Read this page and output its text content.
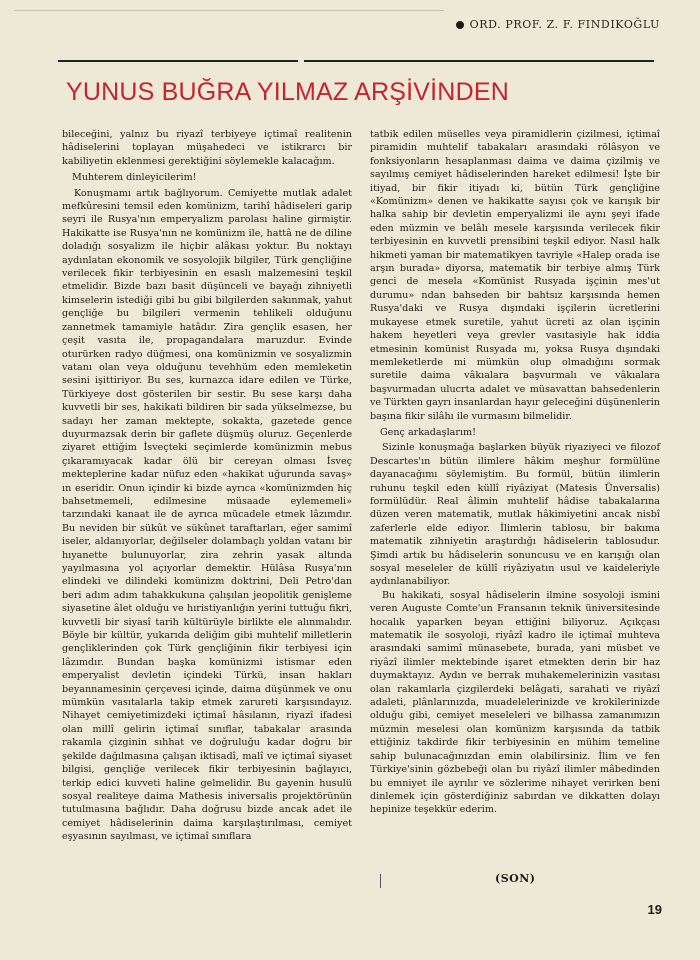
ORD. PROF. Z. F. FINDIKOĞLU
YUNUS BUĞRA YILMAZ ARŞİVİNDEN

bileceğini, yalnız bu riyazî terbiyeye içtimaî realitenin hâdiselerini toplayan müşahedeci ve istikrarcı bir kabiliyetin eklenmesi gerektiğini söylemekle kalacağım.

Muhterem dinleyicilerim!

Konuşmamı artık bağlıyorum. Cemiyette mutlak adalet mefkûresini temsil eden komünizm, tarihî hâdiseleri garip seyri ile Rusya'nın emperyalizm parolası haline girmiştir. Hakikatte ise Rusya'nın ne komünizm ile, hattâ ne de diline doladığı sosyalizm ile hiçbir alâkası yoktur. Bu noktayı aydınlatan ekonomik ve sosyolojik bilgiler, Türk gençliğine verilecek fikir terbiyesinin en esaslı malzemesini teşkil etmelidir. Bizde bazı basit düşünceli ve bayağı zihniyetli kimselerin istediği gibi bu gibi bilgilerden sakınmak, yahut gençliğe bu bilgileri vermenin tehlikeli olduğunu zannetmek tamamiyle hatâdır. Zira gençlik esasen, her çeşit vasıta ile, propagandalara maruzdur. Evinde oturürken radyo düğmesi, ona komünizmin ve sosyalizmin vatanı olan veya olduğunu tevehhüm eden memleketin sesini işittiriyor. Bu ses, kurnazca idare edilen ve Türke, Türkiyeye dost gösterilen bir sestir. Bu sese karşı daha kuvvetli bir ses, hakikati bildiren bir sada yükselmezse, bu sadayı her zaman mektepte, sokakta, gazetede gence duyurmazsak derin bir gaflete düşmüş oluruz. Geçenlerde ziyaret ettiğim İsveçteki seçimlerde komünizmin mebus çıkaramıyacak kadar ölü bir cereyan olması İsveç mekteplerine kadar nüfuz eden «hakikat uğurunda savaş» ın eseridir. Onun içindir ki bizde ayrıca «komünizmden hiç bahsetmemeli, edilmesine müsaade eylememeli» tarzındaki kanaat ile de ayrıca mücadele etmek lâzımdır. Bu neviden bir sükût ve sükûnet taraftarları, eğer samimî iseler, aldanıyorlar, değilseler dolambaçlı yoldan vatanı bir hıyanette bulunuyorlar, zira zehrin yasak altında yayılmasına yol açıyorlar demektir. Hülâsa Rusya'nın elindeki ve dilindeki komünizm doktrini, Deli Petro'dan beri adım adım tahakkukuna çalışılan jeopolitik genişleme siyasetine âlet olduğu ve hıristiyanlığın yerini tuttuğu fikri, kuvvetli bir siyasî tarih kültürüyle birlikte ele alınmalıdır. Böyle bir kültür, yukarıda deliğim gibi muhtelif milletlerin gençliklerinden çok Türk gençliğinin fikir terbiyesi için lâzımdır. Bundan başka komünizmi istismar eden emperyalist devletin içindeki Türkü, insan hakları beyannamesinin çerçevesi içinde, daima düşünmek ve onu mümkün vasıtalarla takip etmek zarureti karşısındayız. Nihayet cemiyetimizdeki içtimaî hâsılanın, riyazî ifadesi olan millî gelirin içtimaî sınıflar, tabakalar arasında rakamla çizginin sıhhat ve doğruluğu kadar doğru bir şekilde dağılmasına çalışan iktisadî, malî ve içtimaî siyaset bilgisi, gençliğe verilecek fikir terbiyesinin bağlayıcı, terkip edici kuvveti haline gelmelidir. Bu gayenin husulü sosyal realiteye daima Mathesis iniversalis projektörünün tutulmasına bağlıdır. Daha doğrusu bizde ancak adet ile cemiyet hâdiselerinin daima karşılaştırılması, cemiyet eşyasının sayılması, ve içtimaî sınıflara

tatbik edilen müselles veya piramidlerin çizilmesi, içtimaî piramidin muhtelif tabakaları arasındaki rölâsyon ve fonksiyonların hesaplanması daima ve daima çizilmiş ve sayılmış cemiyet hâdiselerinden hareket edilmesi! İşte bir itiyad, bir fikir itiyadı ki, bütün Türk gençliğine «Komünizm» denen ve hakikatte sayısı çok ve karışık bir halka sahip bir devletin emperyalizmi ile aynı şeyi ifade eden müzmin ve belâlı mesele karşısında verilecek fikir terbiyesinin en kuvvetli prensibini teşkil ediyor. Nasıl halk hikmeti yaman bir matematikyen tavriyle «Halep orada ise arşın burada» diyorsa, matematik bir terbiye almış Türk genci de mesela «Komünist Rusyada işçinin mes'ut durumu» ndan bahseden bir bahtsız karşısında hemen Rusya'daki ve Rusya dışındaki işçilerin ücretlerini mukayese etmek suretile, yahut ücreti az olan işçinin hakem heyetleri veya grevler vasıtasiyle hak iddia etmesinin komünist Rusyada mı, yoksa Rusya dışındaki memleketlerde mi mümkün olup olmadığını sormak suretile daima vâkıalara başvurmalı ve vâkıalara başvurmadan ulucrta adalet ve müsavattan bahsedenlerin ve Türkten gayrı insanlardan hayır geleceğini düşünenlerin başına fikir silâhı ile vurmasını bilmelidir.

Genç arkadaşlarım!

Sizinle konuşmağa başlarken büyük riyaziyeci ve filozof Descartes'ın bütün ilimlere hâkim meşhur formülüne dayanacağımı söylemiştim. Bu formül, bütün ilimlerin ruhunu teşkil eden küllî riyâziyat (Matesis Ünversalis) formülüdür. Real âlimin muhtelif hâdise tabakalarına düzen veren matematik, mutlak hâkimiyetini ancak nisbî zaferlerle elde ediyor. İlimlerin tablosu, bir bakıma matematik zihniyetin araştırdığı hâdiselerin tablosudur. Şimdi artık bu hâdiselerin sonuncusu ve en karışığı olan sosyal meseleler de küllî riyâziyatın usul ve kaideleriyle aydınlanabiliyor.

Bu hakikati, sosyal hâdiselerin ilmine sosyoloji ismini veren Auguste Comte'un Fransanın teknik üniversitesinde hocalık yaparken beyan ettiğini biliyoruz. Açıkçası matematik ile sosyoloji, riyâzî kadro ile içtimaî muhteva arasındaki samimî münasebete, burada, yani müsbet ve riyâzî ilimler mektebinde işaret etmekten derin bir haz duymaktayız. Aydın ve berrak muhakemelerinizin vasıtası olan rakamlarla çizgilerdeki belâgati, sarahati ve riyâzî adaleti, plânlarınızda, muadelelerinizde ve krokilerinizde olduğu gibi, cemiyet meseleleri ve bilhassa zamanımızın müzmin meselesi olan komünizm karşısında da tatbik ettiğiniz takdirde fikir terbiyesinin en mühim temeline sahip bulunacağınızdan emin olabilirsiniz. İlim ve fen Türkiye'sinin gözbebeği olan bu riyâzî ilimler mâbedinden bu emniyet ile ayrılır ve sözlerime nihayet verirken beni dinlemek için gösterdiğiniz sabırdan ve dikkatten dolayı hepinize teşekkür ederim.

(SON)
19
